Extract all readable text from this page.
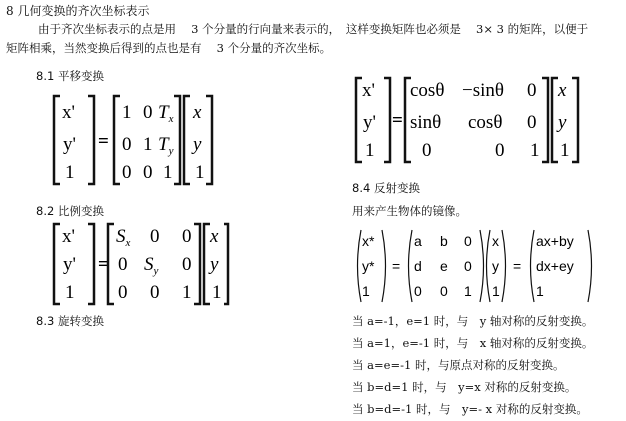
8 几何变换的齐次坐标表示
由于齐次坐标表示的点是用　 3 个分量的行向量来表示的，　这样变换矩阵也必须是　 3× 3 的矩阵，以便于
矩阵相乘，当然变换后得到的点也是有　 3 个分量的齐次坐标。
8.1 平移变换
8.2 比例变换
8.3 旋转变换
8.4 反射变换
用来产生物体的镜像。
x'
y'
1
=
1 0 $T_x$
0 1 $T_y$
0 0 1
x
y
1
x'
y'
1
=
$S_x$ 0 0
0 $S_y$ 0
0 0 1
x
y
1
x'
y'
1
=
cosθ −sinθ 0
sinθ cosθ 0
0	0 1
x
y
1
x*
y*
1
=
a b 0
d e 0
0 0 1
x
y
1
=
ax+by
dx+ey
1
当 a=-1，e=1 时，与　y 轴对称的反射变换。
当 a=1，e=-1 时，与　x 轴对称的反射变换。
当 a=e=-1 时，与原点对称的反射变换。
当 b=d=1 时，与　y=x 对称的反射变换。
当 b=d=-1 时，与　y=- x 对称的反射变换。
